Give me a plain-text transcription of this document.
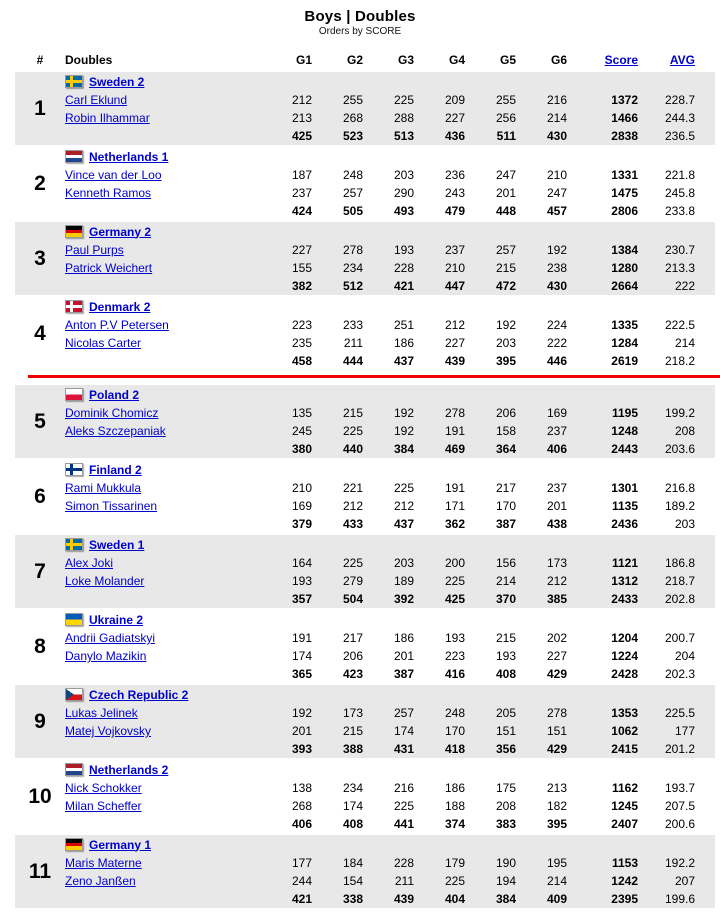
Boys | Doubles
Orders by SCORE
#	Doubles	G1	G2	G3	G4	G5	G6	Score	AVG
1
Sweden 2
Carl Eklund	212	255	225	209	255	216	1372	228.7
Robin Ilhammar	213	268	288	227	256	214	1466	244.3
425	523	513	436	511	430	2838	236.5
2
Netherlands 1
Vince van der Loo	187	248	203	236	247	210	1331	221.8
Kenneth Ramos	237	257	290	243	201	247	1475	245.8
424	505	493	479	448	457	2806	233.8
3
Germany 2
Paul Purps	227	278	193	237	257	192	1384	230.7
Patrick Weichert	155	234	228	210	215	238	1280	213.3
382	512	421	447	472	430	2664	222
4
Denmark 2
Anton P.V Petersen	223	233	251	212	192	224	1335	222.5
Nicolas Carter	235	211	186	227	203	222	1284	214
458	444	437	439	395	446	2619	218.2
5
Poland 2
Dominik Chomicz	135	215	192	278	206	169	1195	199.2
Aleks Szczepaniak	245	225	192	191	158	237	1248	208
380	440	384	469	364	406	2443	203.6
6
Finland 2
Rami Mukkula	210	221	225	191	217	237	1301	216.8
Simon Tissarinen	169	212	212	171	170	201	1135	189.2
379	433	437	362	387	438	2436	203
7
Sweden 1
Alex Joki	164	225	203	200	156	173	1121	186.8
Loke Molander	193	279	189	225	214	212	1312	218.7
357	504	392	425	370	385	2433	202.8
8
Ukraine 2
Andrii Gadiatskyi	191	217	186	193	215	202	1204	200.7
Danylo Mazikin	174	206	201	223	193	227	1224	204
365	423	387	416	408	429	2428	202.3
9
Czech Republic 2
Lukas Jelinek	192	173	257	248	205	278	1353	225.5
Matej Vojkovsky	201	215	174	170	151	151	1062	177
393	388	431	418	356	429	2415	201.2
10
Netherlands 2
Nick Schokker	138	234	216	186	175	213	1162	193.7
Milan Scheffer	268	174	225	188	208	182	1245	207.5
406	408	441	374	383	395	2407	200.6
11
Germany 1
Maris Materne	177	184	228	179	190	195	1153	192.2
Zeno Janßen	244	154	211	225	194	214	1242	207
421	338	439	404	384	409	2395	199.6
